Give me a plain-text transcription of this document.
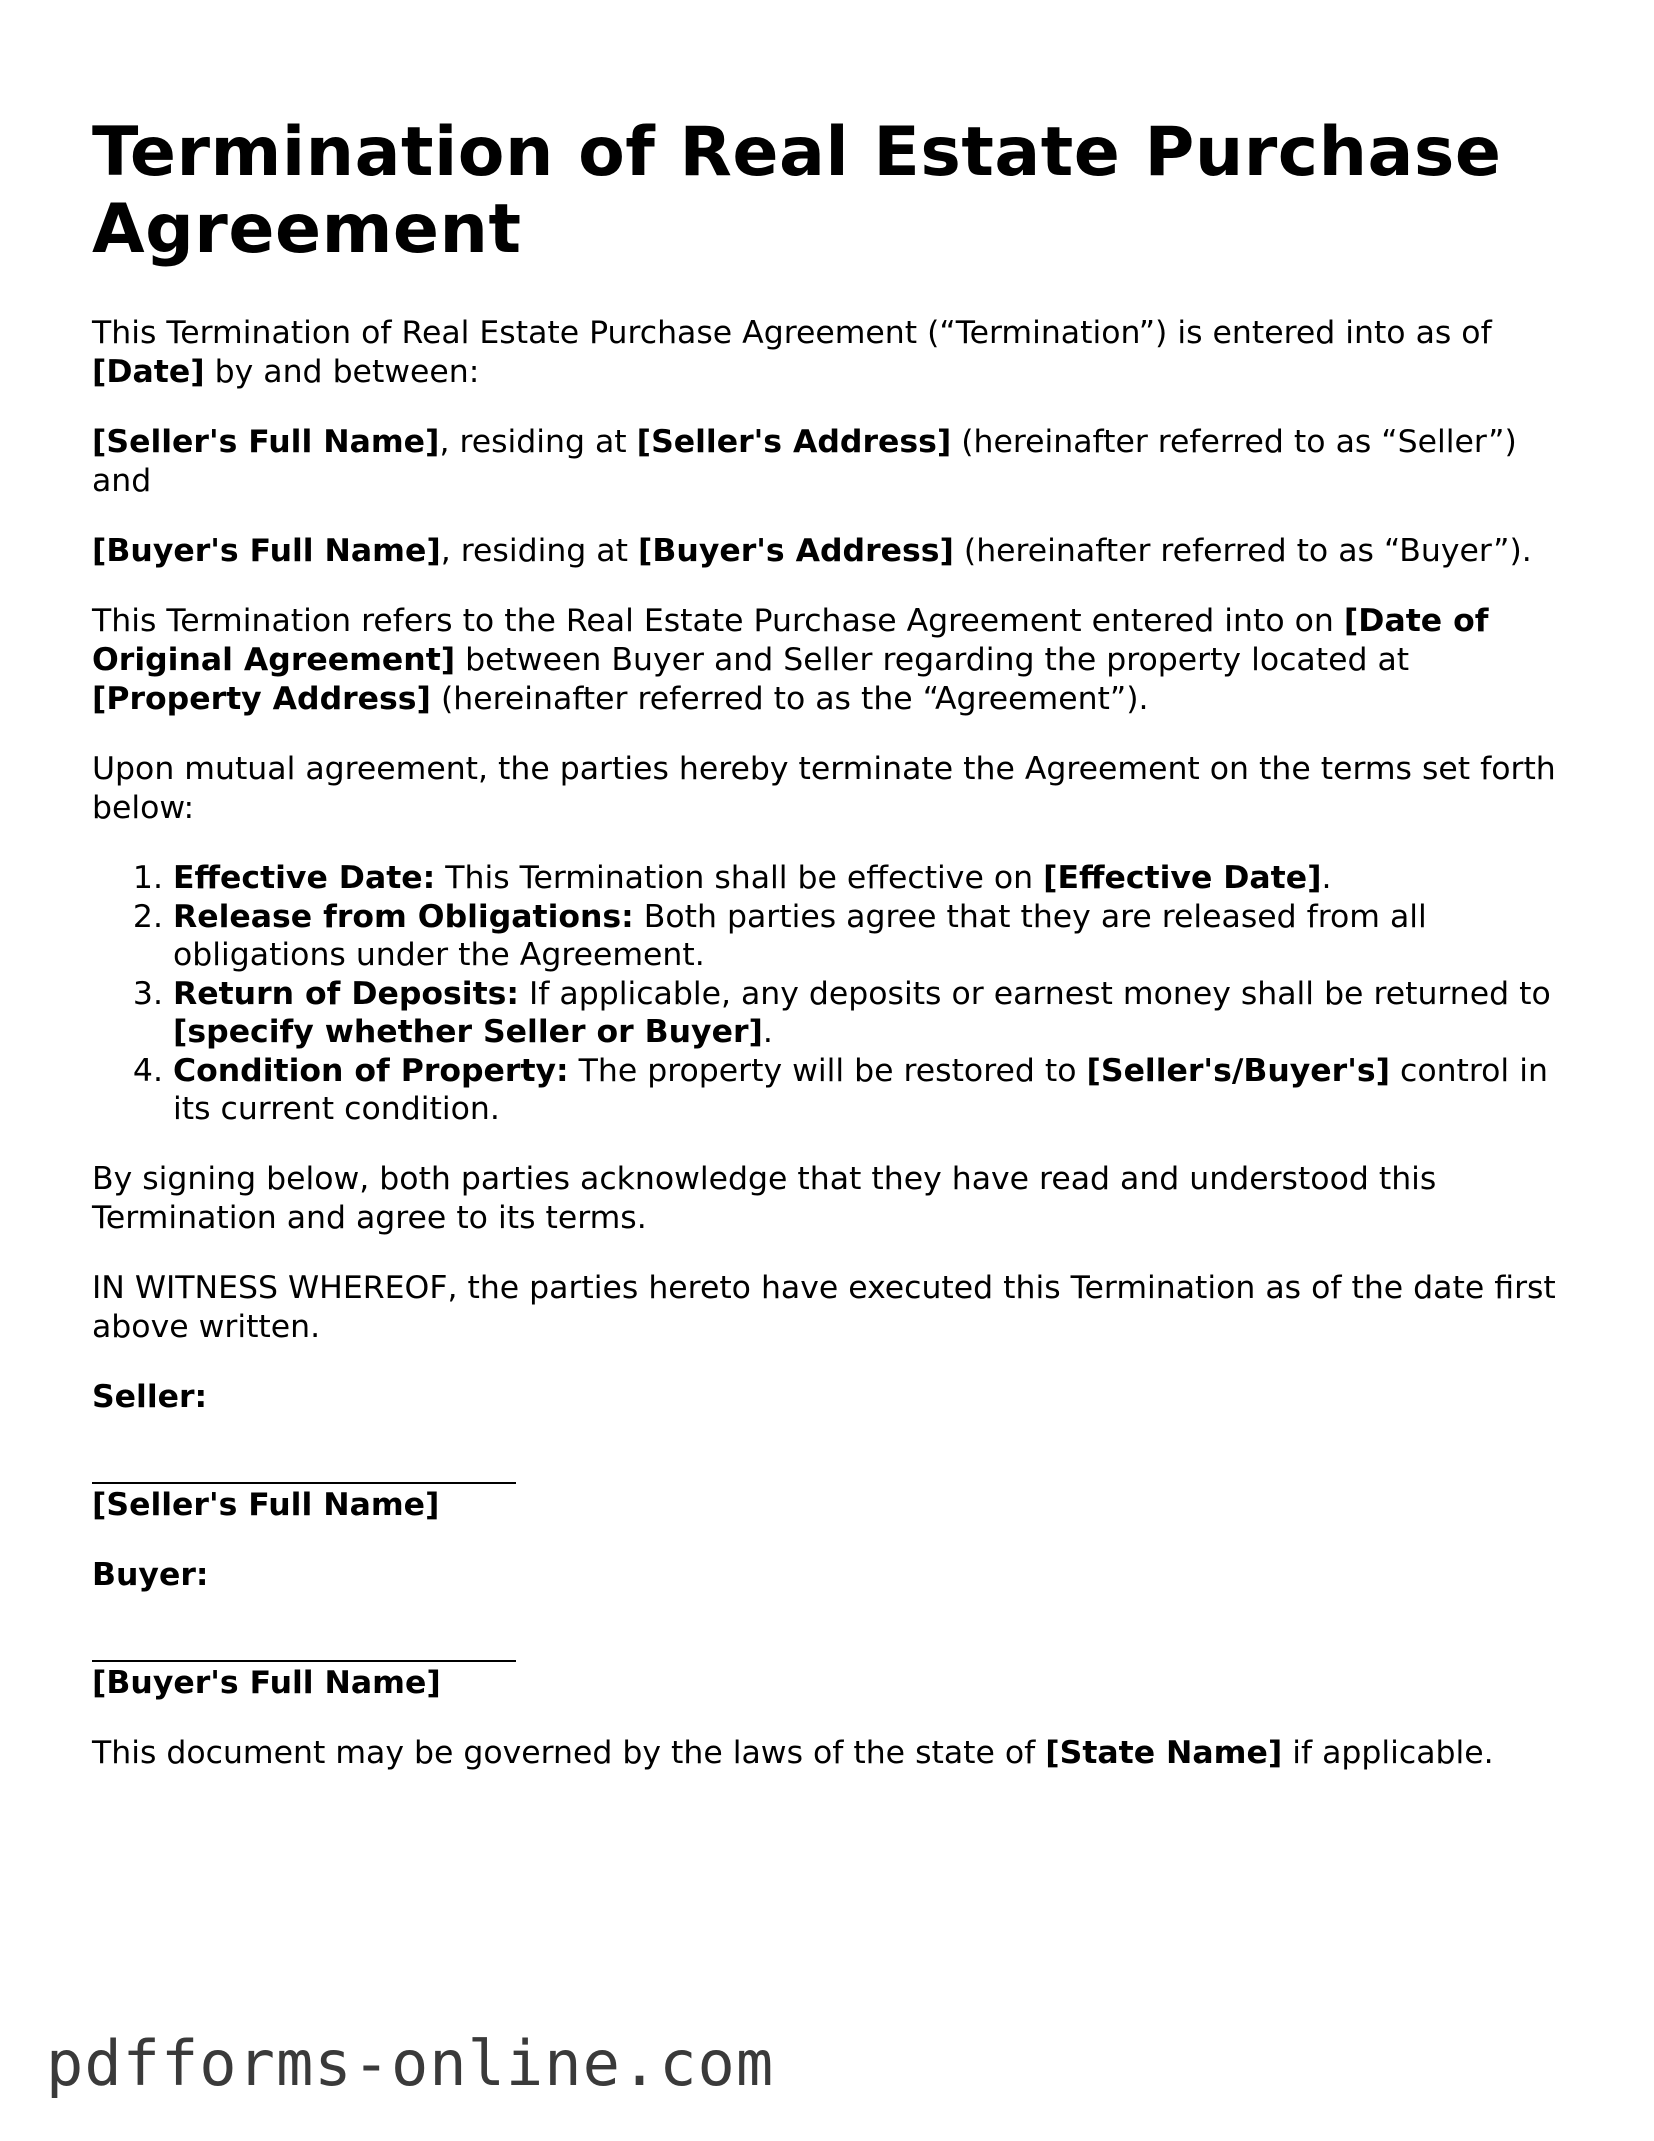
Termination of Real Estate Purchase Agreement

This Termination of Real Estate Purchase Agreement (“Termination”) is entered into as of [Date] by and between:

[Seller's Full Name], residing at [Seller's Address] (hereinafter referred to as “Seller”) and

[Buyer's Full Name], residing at [Buyer's Address] (hereinafter referred to as “Buyer”).

This Termination refers to the Real Estate Purchase Agreement entered into on [Date of Original Agreement] between Buyer and Seller regarding the property located at [Property Address] (hereinafter referred to as the “Agreement”).

Upon mutual agreement, the parties hereby terminate the Agreement on the terms set forth below:

1. Effective Date: This Termination shall be effective on [Effective Date].
2. Release from Obligations: Both parties agree that they are released from all obligations under the Agreement.
3. Return of Deposits: If applicable, any deposits or earnest money shall be returned to [specify whether Seller or Buyer].
4. Condition of Property: The property will be restored to [Seller's/Buyer's] control in its current condition.

By signing below, both parties acknowledge that they have read and understood this Termination and agree to its terms.

IN WITNESS WHEREOF, the parties hereto have executed this Termination as of the date first above written.

Seller:

[Seller's Full Name]

Buyer:

[Buyer's Full Name]

This document may be governed by the laws of the state of [State Name] if applicable.

pdfforms-online.com
